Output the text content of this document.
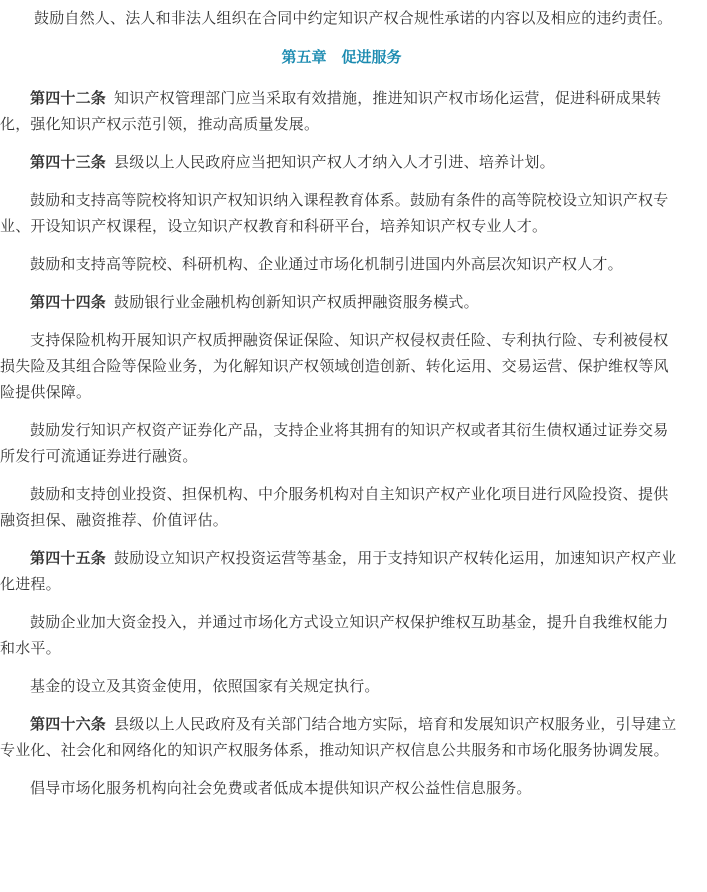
鼓励自然人、法人和非法人组织在合同中约定知识产权合规性承诺的内容以及相应的违约责任。

第五章　促进服务

第四十二条 知识产权管理部门应当采取有效措施，推进知识产权市场化运营，促进科研成果转化，强化知识产权示范引领，推动高质量发展。

第四十三条 县级以上人民政府应当把知识产权人才纳入人才引进、培养计划。

鼓励和支持高等院校将知识产权知识纳入课程教育体系。鼓励有条件的高等院校设立知识产权专业、开设知识产权课程，设立知识产权教育和科研平台，培养知识产权专业人才。

鼓励和支持高等院校、科研机构、企业通过市场化机制引进国内外高层次知识产权人才。

第四十四条 鼓励银行业金融机构创新知识产权质押融资服务模式。

支持保险机构开展知识产权质押融资保证保险、知识产权侵权责任险、专利执行险、专利被侵权损失险及其组合险等保险业务，为化解知识产权领域创造创新、转化运用、交易运营、保护维权等风险提供保障。

鼓励发行知识产权资产证券化产品，支持企业将其拥有的知识产权或者其衍生债权通过证券交易所发行可流通证券进行融资。

鼓励和支持创业投资、担保机构、中介服务机构对自主知识产权产业化项目进行风险投资、提供融资担保、融资推荐、价值评估。

第四十五条 鼓励设立知识产权投资运营等基金，用于支持知识产权转化运用，加速知识产权产业化进程。

鼓励企业加大资金投入，并通过市场化方式设立知识产权保护维权互助基金，提升自我维权能力和水平。

基金的设立及其资金使用，依照国家有关规定执行。

第四十六条 县级以上人民政府及有关部门结合地方实际，培育和发展知识产权服务业，引导建立专业化、社会化和网络化的知识产权服务体系，推动知识产权信息公共服务和市场化服务协调发展。

倡导市场化服务机构向社会免费或者低成本提供知识产权公益性信息服务。
